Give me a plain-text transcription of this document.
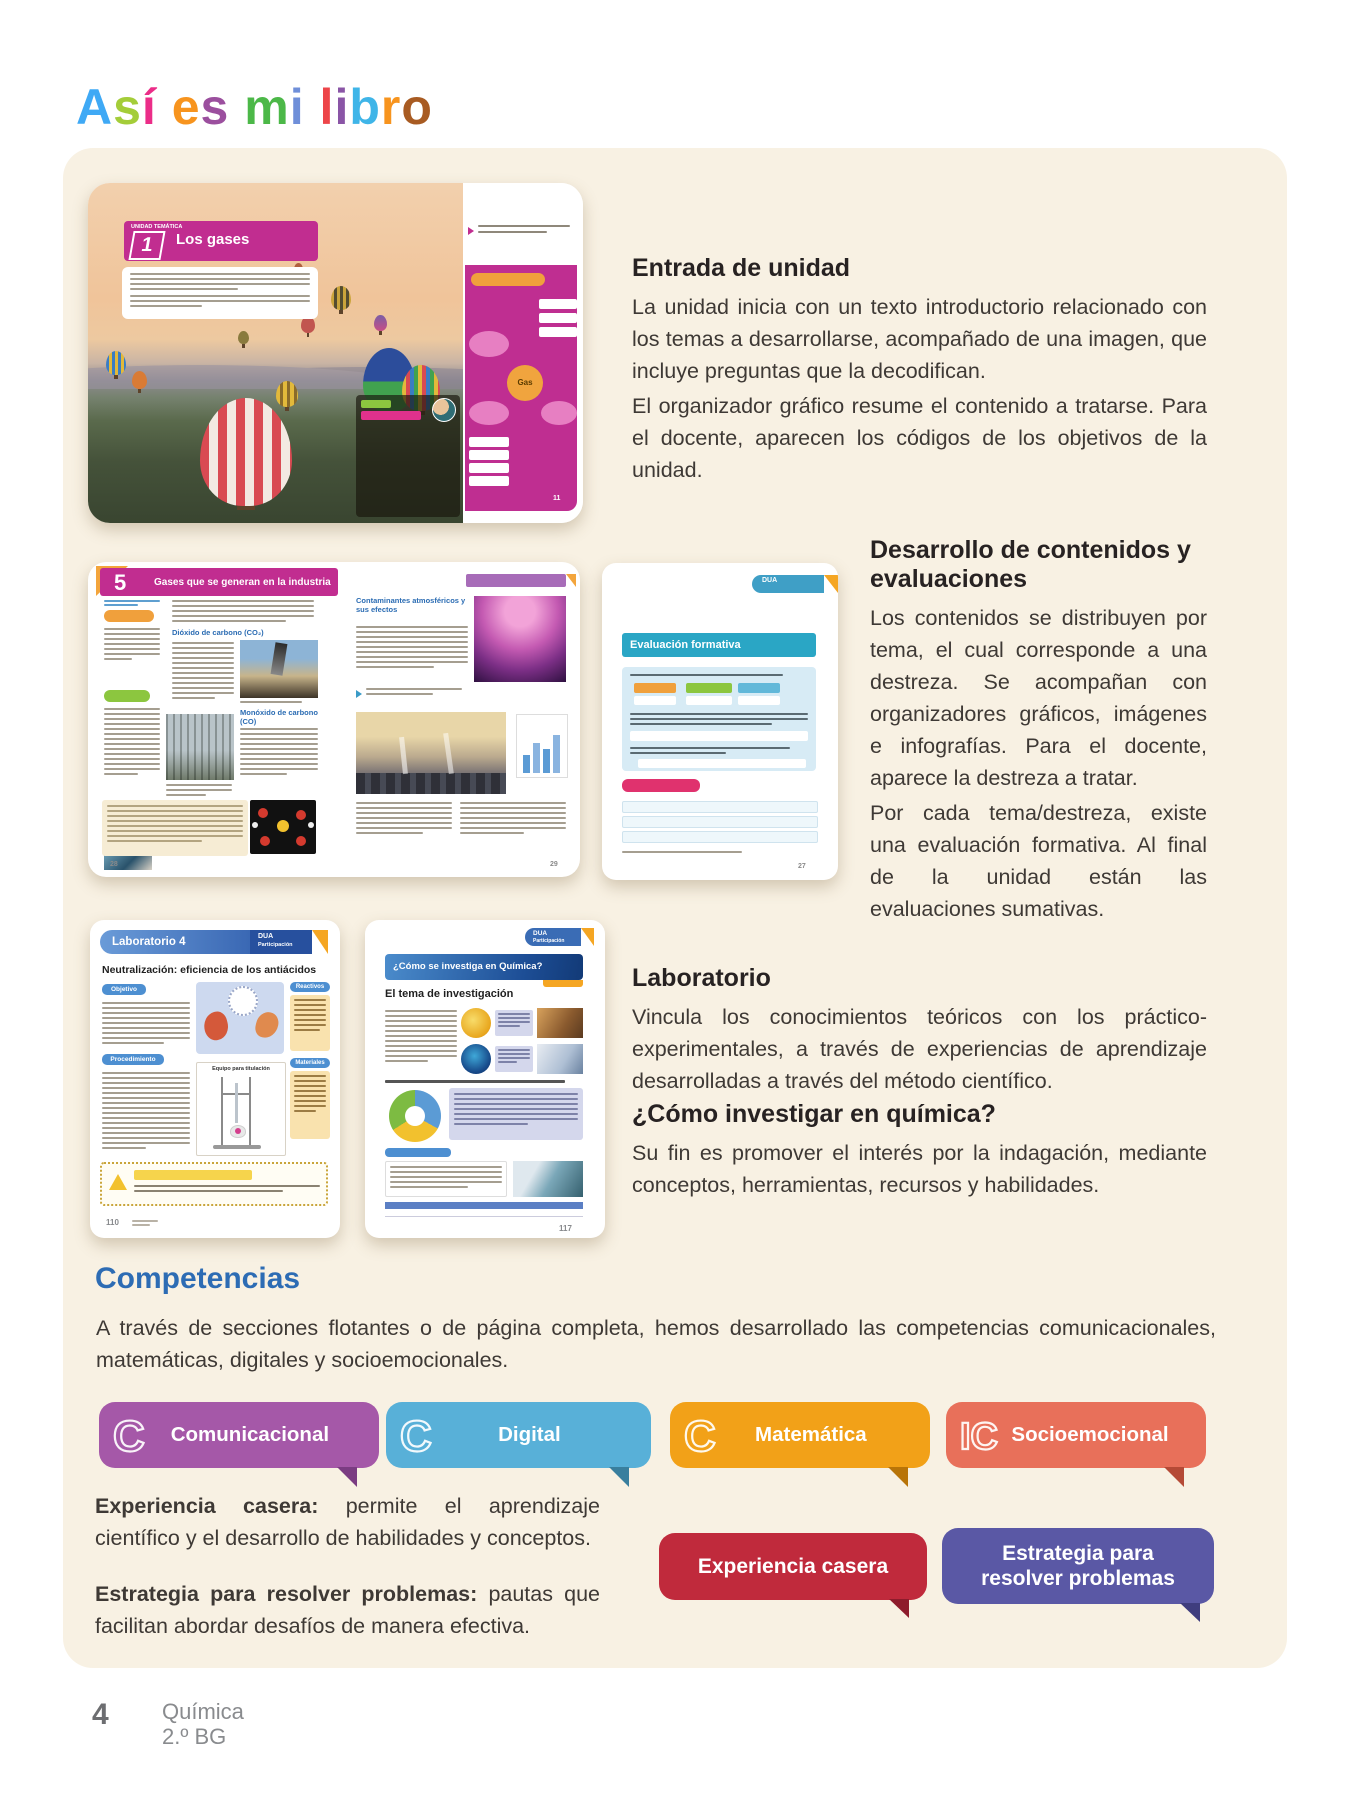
Así es mi libro
UNIDAD TEMÁTICA
1	Los gases
Gas
11
Entrada de unidad

La unidad inicia con un texto introductorio relacionado con los temas a desarrollarse, acompañado de una imagen, que incluye preguntas que la decodifican.

El organizador gráfico resume el contenido a tratarse. Para el docente, aparecen los códigos de los objetivos de la unidad.

5	Gases que se generan en la industria
Dióxido de carbono (CO₂)
Monóxido de carbono (CO)
28
Contaminantes atmosféricos y sus efectos
29
DUA
Evaluación formativa
27
Desarrollo de contenidos y evaluaciones

Los contenidos se distribuyen por tema, el cual corresponde a una destreza. Se acompañan con organizadores gráficos, imágenes e infografías. Para el docente, aparece la destreza a tratar.

Por cada tema/destreza, existe una evaluación formativa. Al final de la unidad están las evaluaciones sumativas.

Laboratorio 4	DUA
Participación
Neutralización: eficiencia de los antiácidos
Objetivo
Procedimiento
Equipo para titulación
Reactivos
Materiales
110
DUA
Participación
¿Cómo se investiga en Química?
El tema de investigación
117
Laboratorio

Vincula los conocimientos teóricos con los práctico-experimentales, a través de experiencias de aprendizaje desarrolladas a través del método científico.

¿Cómo investigar en química?

Su fin es promover el interés por la indagación, mediante conceptos, herramientas, recursos y habilidades.

Competencias

A través de secciones flotantes o de página completa, hemos desarrollado las competencias comunicacionales, matemáticas, digitales y socioemocionales.

C	Comunicacional	C	Digital	C	Matemática	IC Socioemocional

Experiencia casera: permite el aprendizaje científico y el desarrollo de habilidades y conceptos.

Estrategia para resolver problemas: pautas que facilitan abordar desafíos de manera efectiva.

Experiencia casera
Estrategia para resolver problemas
4 Química
2.º BG
